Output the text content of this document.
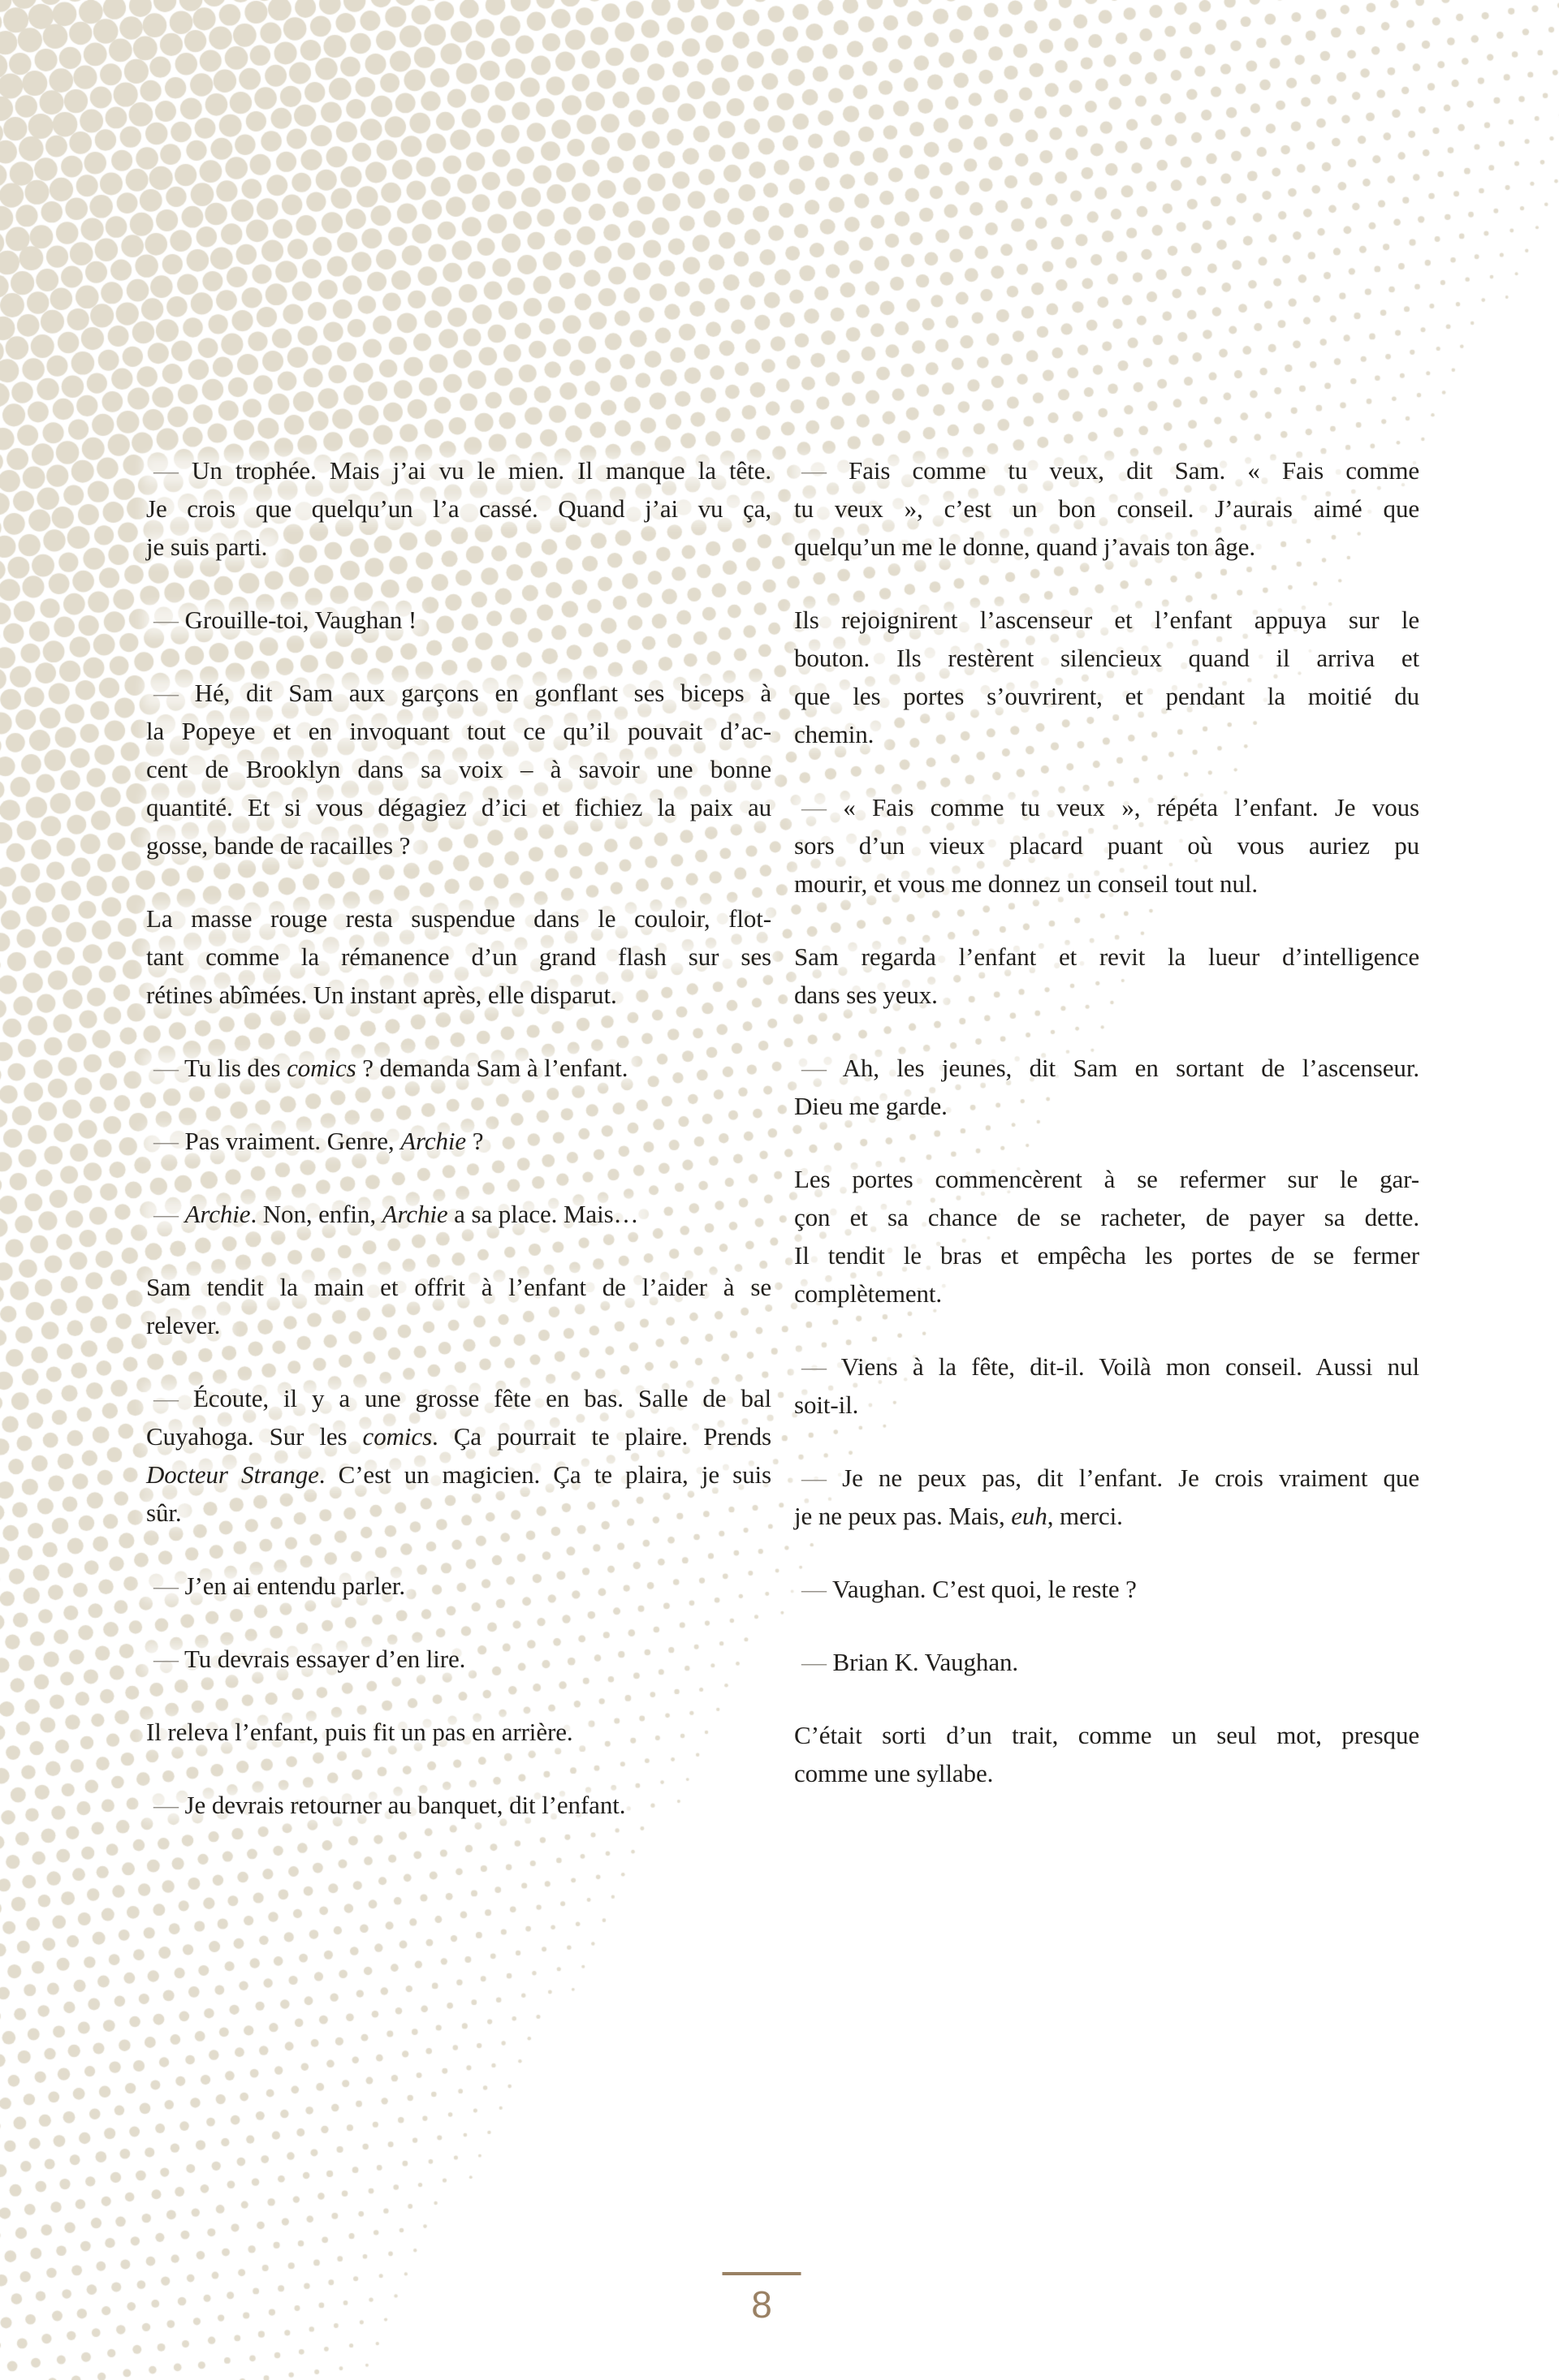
— Un trophée. Mais j’ai vu le mien. Il manque la tête.
Je crois que quelqu’un l’a cassé. Quand j’ai vu ça,
je suis parti.
— Grouille-toi, Vaughan !
— Hé, dit Sam aux garçons en gonflant ses biceps à
la Popeye et en invoquant tout ce qu’il pouvait d’ac-
cent de Brooklyn dans sa voix – à savoir une bonne
quantité. Et si vous dégagiez d’ici et fichiez la paix au
gosse, bande de racailles ?
La masse rouge resta suspendue dans le couloir, flot-
tant comme la rémanence d’un grand flash sur ses
rétines abîmées. Un instant après, elle disparut.
— Tu lis des comics ? demanda Sam à l’enfant.
— Pas vraiment. Genre, Archie ?
— Archie. Non, enfin, Archie a sa place. Mais…
Sam tendit la main et offrit à l’enfant de l’aider à se
relever.
— Écoute, il y a une grosse fête en bas. Salle de bal
Cuyahoga. Sur les comics. Ça pourrait te plaire. Prends
Docteur Strange. C’est un magicien. Ça te plaira, je suis
sûr.
— J’en ai entendu parler.
— Tu devrais essayer d’en lire.
Il releva l’enfant, puis fit un pas en arrière.
— Je devrais retourner au banquet, dit l’enfant.
— Fais comme tu veux, dit Sam. « Fais comme
tu veux », c’est un bon conseil. J’aurais aimé que
quelqu’un me le donne, quand j’avais ton âge.
Ils rejoignirent l’ascenseur et l’enfant appuya sur le
bouton. Ils restèrent silencieux quand il arriva et
que les portes s’ouvrirent, et pendant la moitié du
chemin.
— « Fais comme tu veux », répéta l’enfant. Je vous
sors d’un vieux placard puant où vous auriez pu
mourir, et vous me donnez un conseil tout nul.
Sam regarda l’enfant et revit la lueur d’intelligence
dans ses yeux.
— Ah, les jeunes, dit Sam en sortant de l’ascenseur.
Dieu me garde.
Les portes commencèrent à se refermer sur le gar-
çon et sa chance de se racheter, de payer sa dette.
Il tendit le bras et empêcha les portes de se fermer
complètement.
— Viens à la fête, dit-il. Voilà mon conseil. Aussi nul
soit-il.
— Je ne peux pas, dit l’enfant. Je crois vraiment que
je ne peux pas. Mais, euh, merci.
— Vaughan. C’est quoi, le reste ?
— Brian K. Vaughan.
C’était sorti d’un trait, comme un seul mot, presque
comme une syllabe.
8
